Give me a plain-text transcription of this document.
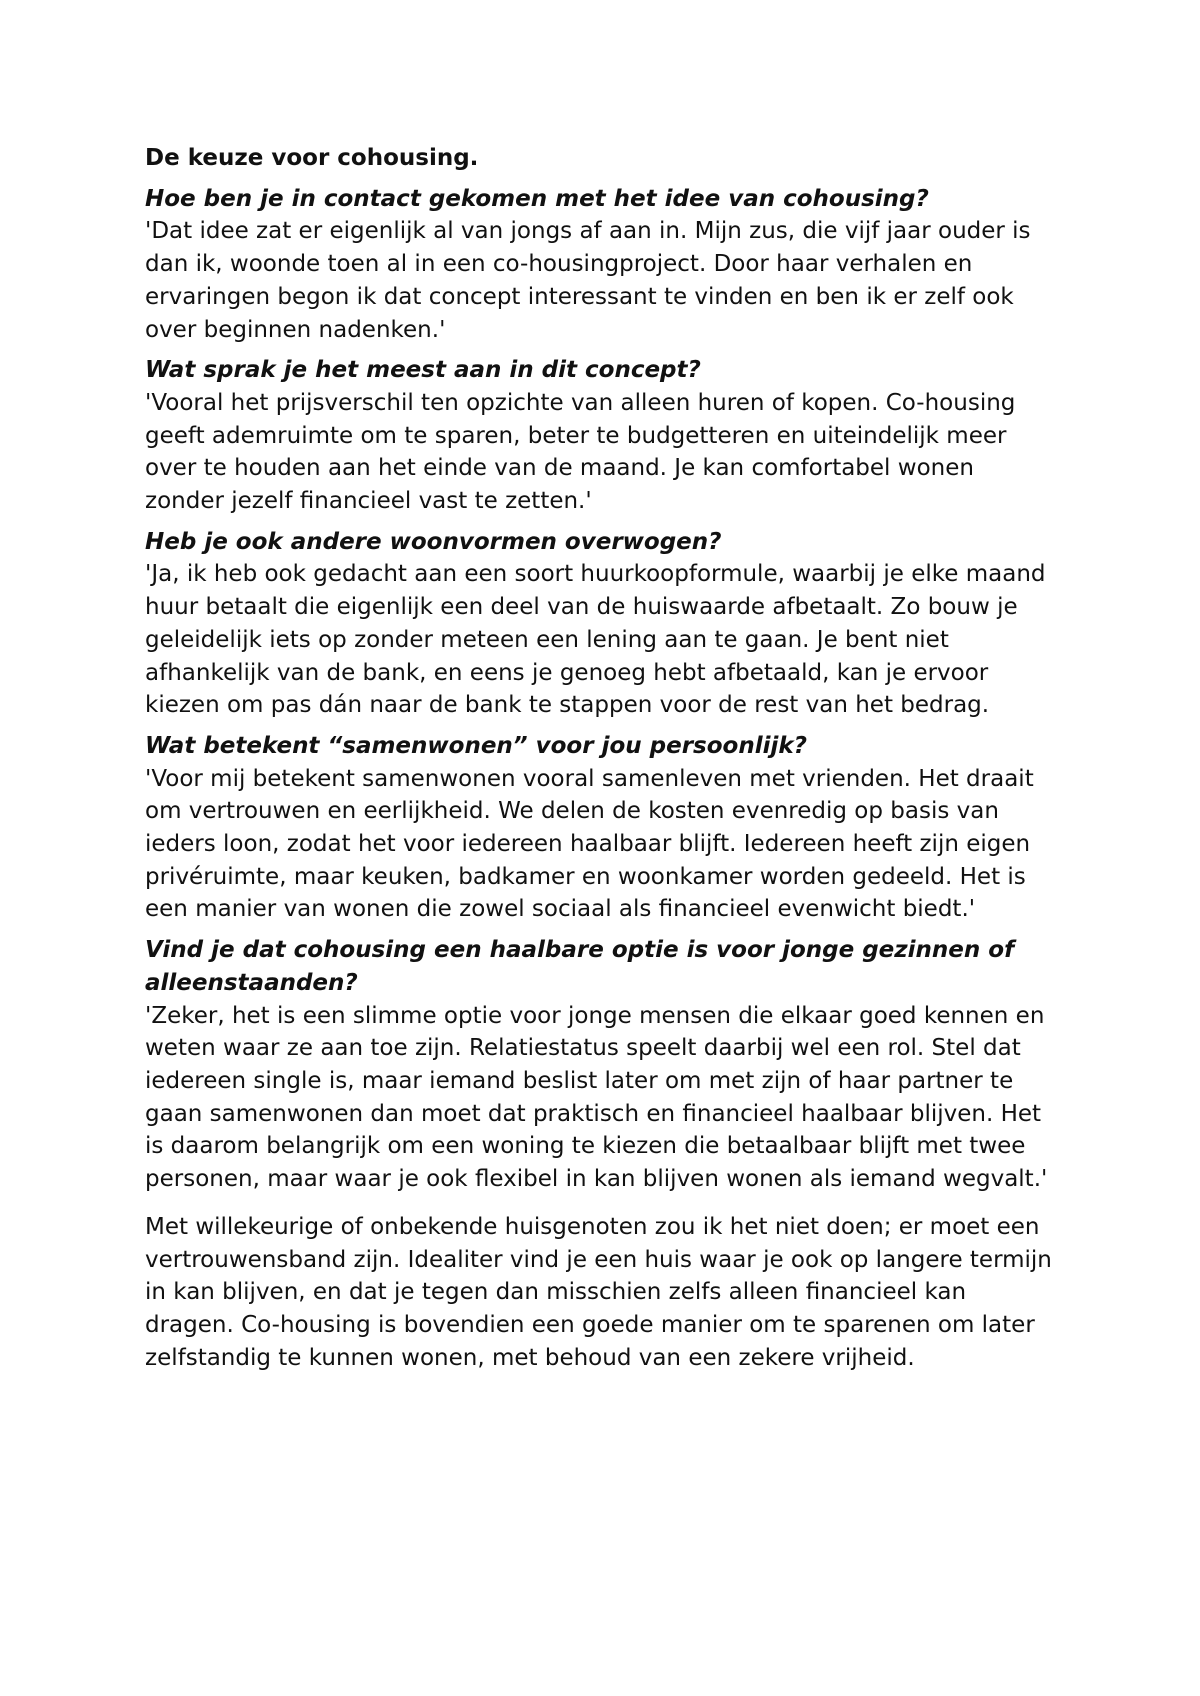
De keuze voor cohousing.
Hoe ben je in contact gekomen met het idee van cohousing?
'Dat idee zat er eigenlijk al van jongs af aan in. Mijn zus, die vijf jaar ouder is dan ik, woonde toen al in een co-housingproject. Door haar verhalen en ervaringen begon ik dat concept interessant te vinden en ben ik er zelf ook over beginnen nadenken.'
Wat sprak je het meest aan in dit concept?
'Vooral het prijsverschil ten opzichte van alleen huren of kopen. Co-housing geeft ademruimte om te sparen, beter te budgetteren en uiteindelijk meer over te houden aan het einde van de maand. Je kan comfortabel wonen zonder jezelf financieel vast te zetten.'
Heb je ook andere woonvormen overwogen?
'Ja, ik heb ook gedacht aan een soort huurkoopformule, waarbij je elke maand huur betaalt die eigenlijk een deel van de huiswaarde afbetaalt. Zo bouw je geleidelijk iets op zonder meteen een lening aan te gaan. Je bent niet afhankelijk van de bank, en eens je genoeg hebt afbetaald, kan je ervoor kiezen om pas dán naar de bank te stappen voor de rest van het bedrag.
Wat betekent “samenwonen” voor jou persoonlijk?
'Voor mij betekent samenwonen vooral samenleven met vrienden. Het draait om vertrouwen en eerlijkheid. We delen de kosten evenredig op basis van ieders loon, zodat het voor iedereen haalbaar blijft. Iedereen heeft zijn eigen privéruimte, maar keuken, badkamer en woonkamer worden gedeeld. Het is een manier van wonen die zowel sociaal als financieel evenwicht biedt.'
Vind je dat cohousing een haalbare optie is voor jonge gezinnen of alleenstaanden?
'Zeker, het is een slimme optie voor jonge mensen die elkaar goed kennen en weten waar ze aan toe zijn. Relatiestatus speelt daarbij wel een rol. Stel dat iedereen single is, maar iemand beslist later om met zijn of haar partner te gaan samenwonen dan moet dat praktisch en financieel haalbaar blijven. Het is daarom belangrijk om een woning te kiezen die betaalbaar blijft met twee personen, maar waar je ook flexibel in kan blijven wonen als iemand wegvalt.'
Met willekeurige of onbekende huisgenoten zou ik het niet doen; er moet een vertrouwensband zijn. Idealiter vind je een huis waar je ook op langere termijn in kan blijven, en dat je tegen dan misschien zelfs alleen financieel kan dragen. Co-housing is bovendien een goede manier om te sparenen om later zelfstandig te kunnen wonen, met behoud van een zekere vrijheid.
